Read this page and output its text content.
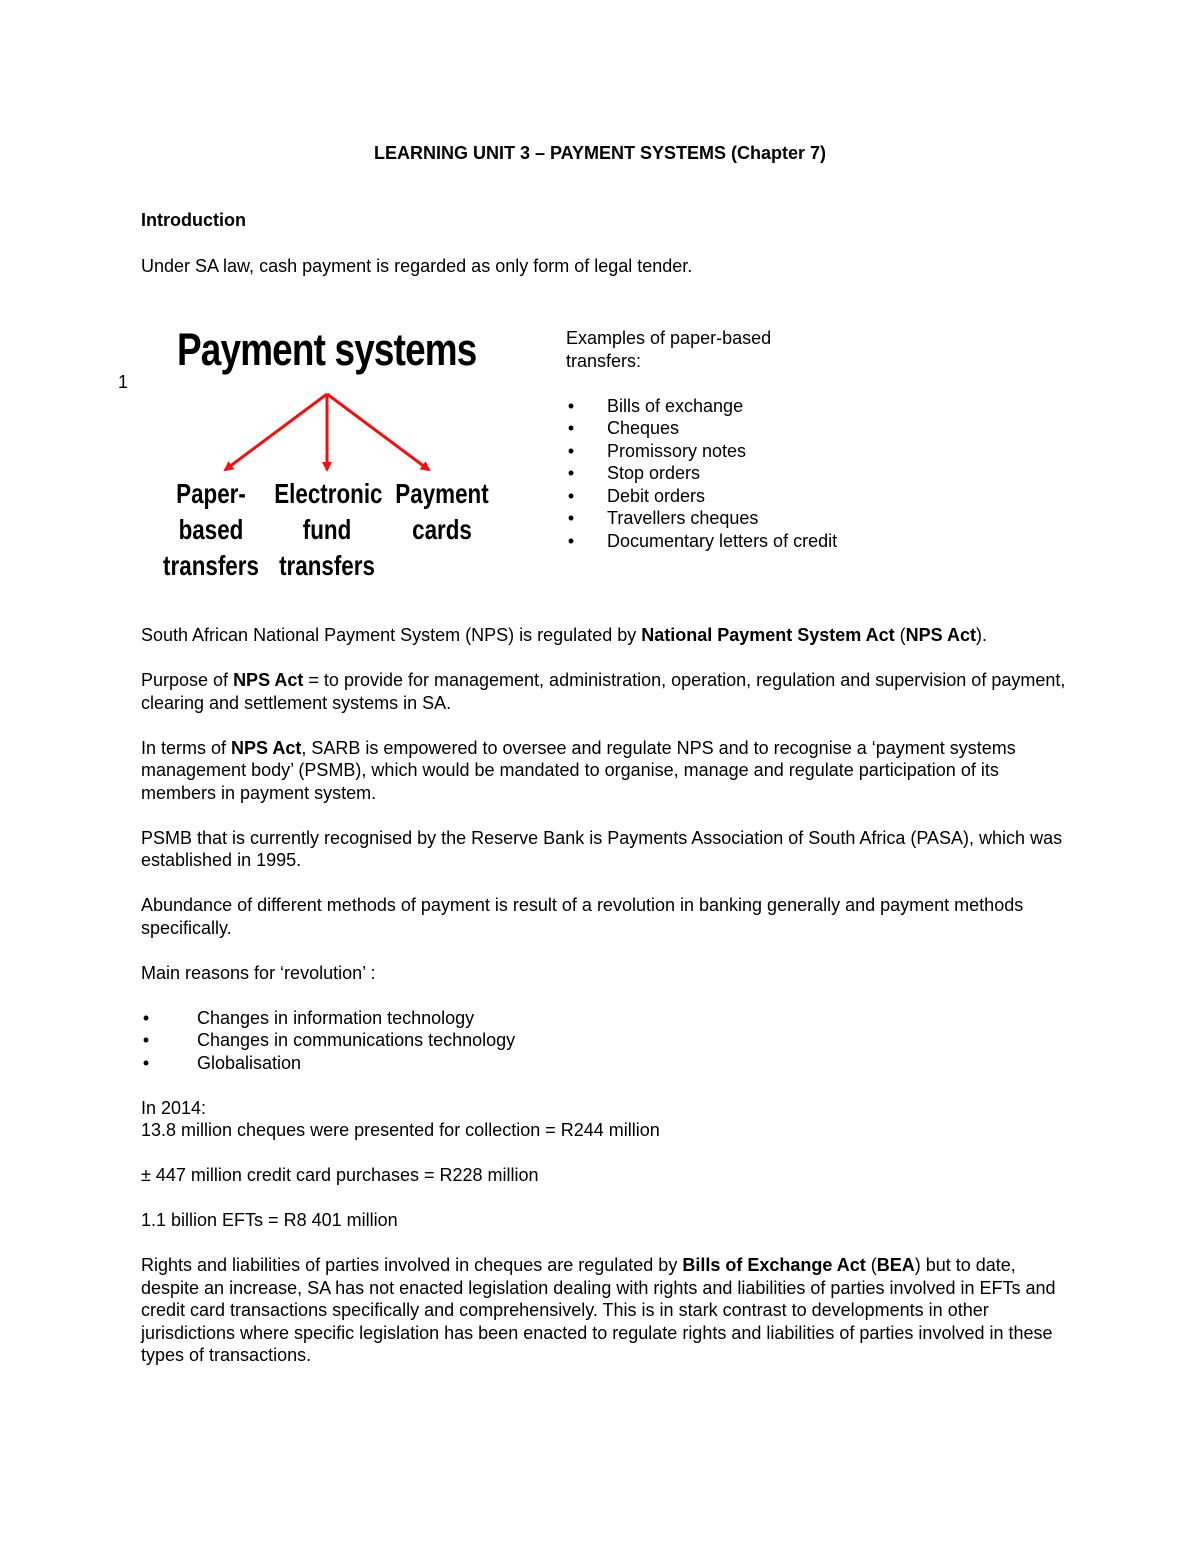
LEARNING UNIT 3 – PAYMENT SYSTEMS (Chapter 7)
Introduction
Under SA law, cash payment is regarded as only form of legal tender.
1
Payment systems
Paper-
based
transfers
Electronic
fund
transfers
Payment
cards
Examples of paper-based
transfers:
• Bills of exchange
• Cheques
• Promissory notes
• Stop orders
• Debit orders
• Travellers cheques
• Documentary letters of credit

South African National Payment System (NPS) is regulated by National Payment System Act (NPS Act).

Purpose of NPS Act = to provide for management, administration, operation, regulation and supervision of payment, clearing and settlement systems in SA.

In terms of NPS Act, SARB is empowered to oversee and regulate NPS and to recognise a ‘payment systems management body’ (PSMB), which would be mandated to organise, manage and regulate participation of its members in payment system.

PSMB that is currently recognised by the Reserve Bank is Payments Association of South Africa (PASA), which was established in 1995.

Abundance of different methods of payment is result of a revolution in banking generally and payment methods specifically.

Main reasons for ‘revolution’ :

•	Changes in information technology
•	Changes in communications technology
•	Globalisation

In 2014:
13.8 million cheques were presented for collection = R244 million

± 447 million credit card purchases = R228 million

1.1 billion EFTs = R8 401 million

Rights and liabilities of parties involved in cheques are regulated by Bills of Exchange Act (BEA) but to date, despite an increase, SA has not enacted legislation dealing with rights and liabilities of parties involved in EFTs and credit card transactions specifically and comprehensively. This is in stark contrast to developments in other jurisdictions where specific legislation has been enacted to regulate rights and liabilities of parties involved in these types of transactions.
